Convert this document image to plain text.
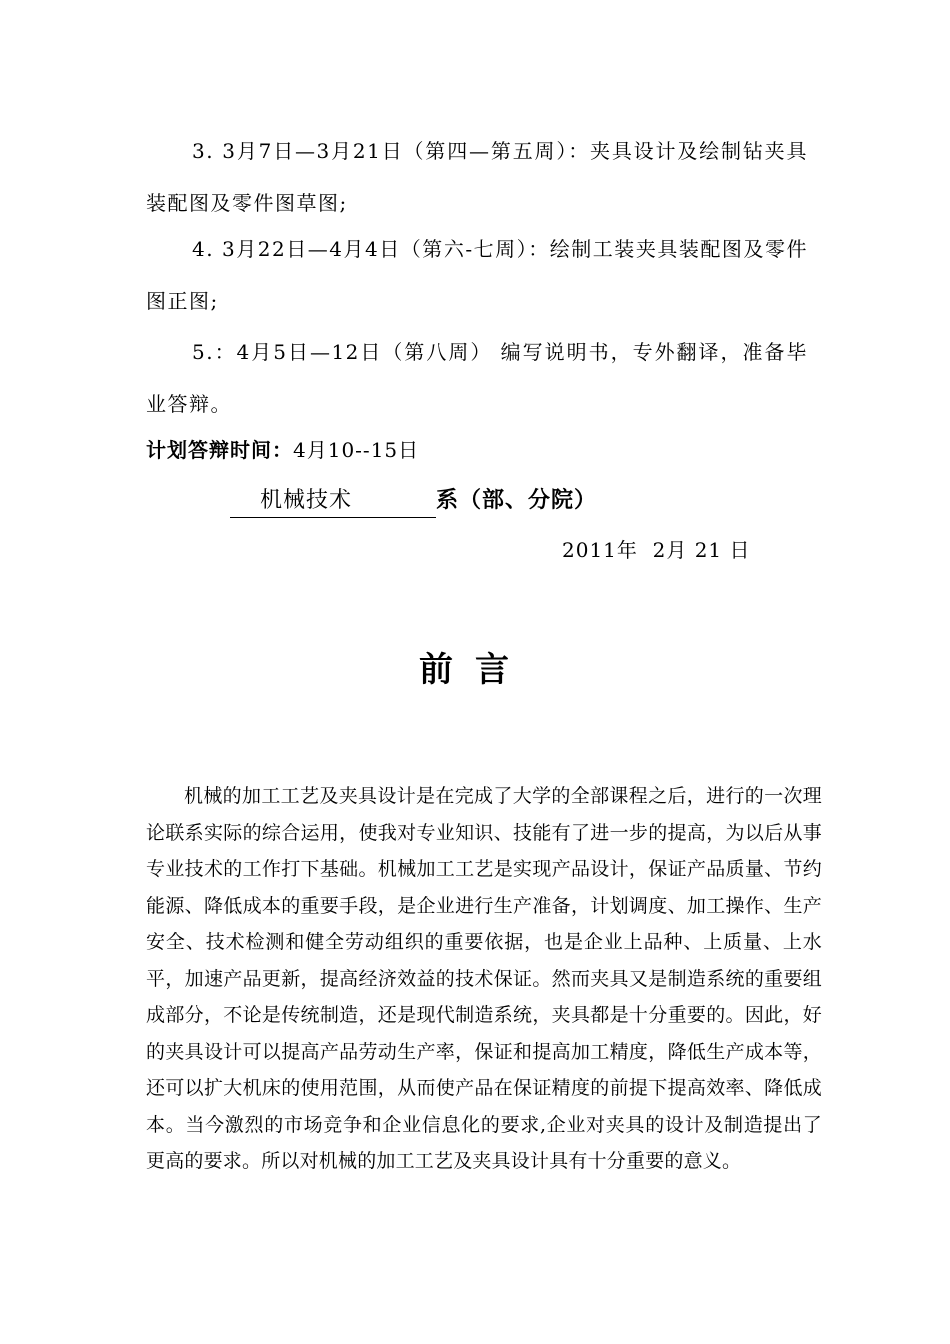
3. 3月7日—3月21日（第四—第五周）：夹具设计及绘制钻夹具装配图及零件图草图;

4. 3月22日—4月4日（第六-七周）：绘制工装夹具装配图及零件图正图;

5.：4月5日—12日（第八周） 编写说明书，专外翻译，准备毕业答辩。

计划答辩时间：4月10--15日
机械技术	系（部、分院）
2011年  2月 21 日
前言

机械的加工工艺及夹具设计是在完成了大学的全部课程之后，进行的一次理论联系实际的综合运用，使我对专业知识、技能有了进一步的提高，为以后从事专业技术的工作打下基础。机械加工工艺是实现产品设计，保证产品质量、节约能源、降低成本的重要手段，是企业进行生产准备，计划调度、加工操作、生产安全、技术检测和健全劳动组织的重要依据，也是企业上品种、上质量、上水平，加速产品更新，提高经济效益的技术保证。然而夹具又是制造系统的重要组成部分，不论是传统制造，还是现代制造系统，夹具都是十分重要的。因此，好的夹具设计可以提高产品劳动生产率，保证和提高加工精度，降低生产成本等，还可以扩大机床的使用范围，从而使产品在保证精度的前提下提高效率、降低成本。当今激烈的市场竞争和企业信息化的要求,企业对夹具的设计及制造提出了更高的要求。所以对机械的加工工艺及夹具设计具有十分重要的意义。
